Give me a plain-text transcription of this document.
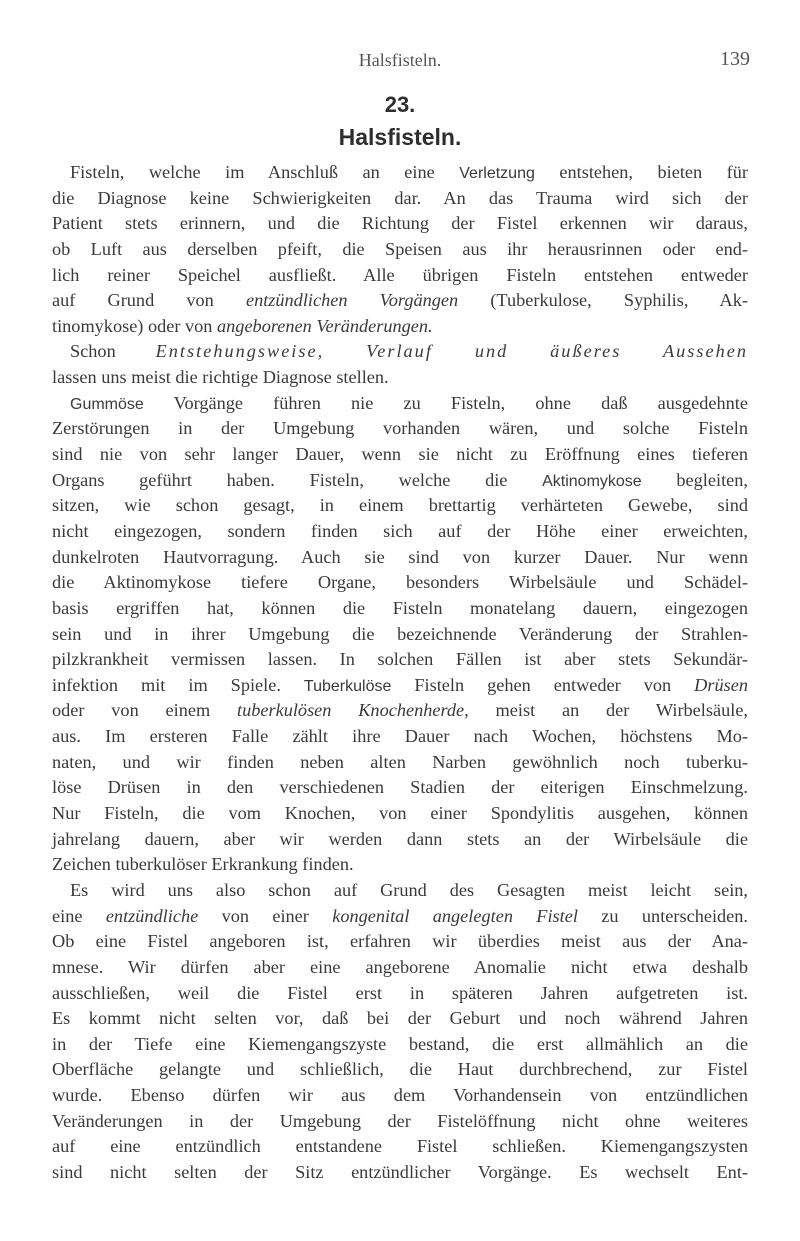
Halsfisteln.	139
23.
Halsfisteln.
Fisteln, welche im Anschluß an eine Verletzung entstehen, bieten für
die Diagnose keine Schwierigkeiten dar. An das Trauma wird sich der
Patient stets erinnern, und die Richtung der Fistel erkennen wir daraus,
ob Luft aus derselben pfeift, die Speisen aus ihr herausrinnen oder end-
lich reiner Speichel ausfließt. Alle übrigen Fisteln entstehen entweder
auf Grund von entzündlichen Vorgängen (Tuberkulose, Syphilis, Ak-
tinomykose) oder von angeborenen Veränderungen.
Schon Entstehungsweise, Verlauf und äußeres Aussehen
lassen uns meist die richtige Diagnose stellen.
Gummöse Vorgänge führen nie zu Fisteln, ohne daß ausgedehnte
Zerstörungen in der Umgebung vorhanden wären, und solche Fisteln
sind nie von sehr langer Dauer, wenn sie nicht zu Eröffnung eines tieferen
Organs geführt haben. Fisteln, welche die Aktinomykose begleiten,
sitzen, wie schon gesagt, in einem brettartig verhärteten Gewebe, sind
nicht eingezogen, sondern finden sich auf der Höhe einer erweichten,
dunkelroten Hautvorragung. Auch sie sind von kurzer Dauer. Nur wenn
die Aktinomykose tiefere Organe, besonders Wirbelsäule und Schädel-
basis ergriffen hat, können die Fisteln monatelang dauern, eingezogen
sein und in ihrer Umgebung die bezeichnende Veränderung der Strahlen-
pilzkrankheit vermissen lassen. In solchen Fällen ist aber stets Sekundär-
infektion mit im Spiele. Tuberkulöse Fisteln gehen entweder von Drüsen
oder von einem tuberkulösen Knochenherde, meist an der Wirbelsäule,
aus. Im ersteren Falle zählt ihre Dauer nach Wochen, höchstens Mo-
naten, und wir finden neben alten Narben gewöhnlich noch tuberku-
löse Drüsen in den verschiedenen Stadien der eiterigen Einschmelzung.
Nur Fisteln, die vom Knochen, von einer Spondylitis ausgehen, können
jahrelang dauern, aber wir werden dann stets an der Wirbelsäule die
Zeichen tuberkulöser Erkrankung finden.
Es wird uns also schon auf Grund des Gesagten meist leicht sein,
eine entzündliche von einer kongenital angelegten Fistel zu unterscheiden.
Ob eine Fistel angeboren ist, erfahren wir überdies meist aus der Ana-
mnese. Wir dürfen aber eine angeborene Anomalie nicht etwa deshalb
ausschließen, weil die Fistel erst in späteren Jahren aufgetreten ist.
Es kommt nicht selten vor, daß bei der Geburt und noch während Jahren
in der Tiefe eine Kiemengangszyste bestand, die erst allmählich an die
Oberfläche gelangte und schließlich, die Haut durchbrechend, zur Fistel
wurde. Ebenso dürfen wir aus dem Vorhandensein von entzündlichen
Veränderungen in der Umgebung der Fistelöffnung nicht ohne weiteres
auf eine entzündlich entstandene Fistel schließen. Kiemengangszysten
sind nicht selten der Sitz entzündlicher Vorgänge. Es wechselt Ent-
